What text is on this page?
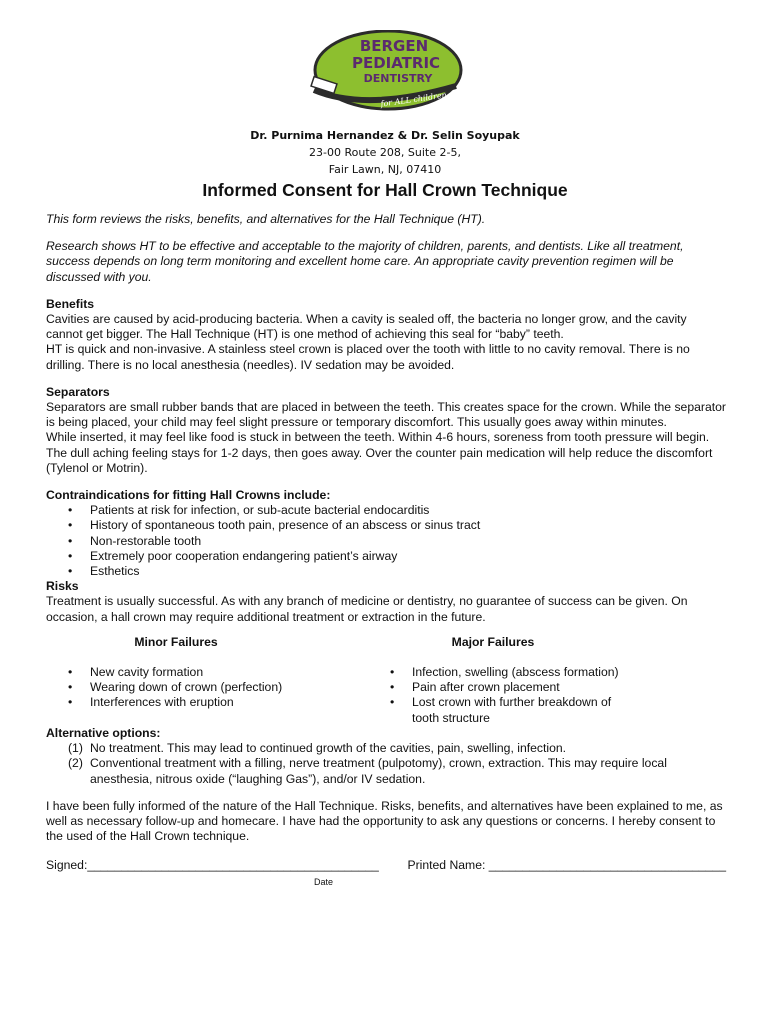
BERGEN
PEDIATRIC
DENTISTRY
for ALL children
Dr. Purnima Hernandez & Dr. Selin Soyupak
23-00 Route 208, Suite 2-5,
Fair Lawn, NJ, 07410
Informed Consent for Hall Crown Technique

This form reviews the risks, benefits, and alternatives for the Hall Technique (HT).

Research shows HT to be effective and acceptable to the majority of children, parents, and dentists. Like all treatment, success depends on long term monitoring and excellent home care. An appropriate cavity prevention regimen will be discussed with you.

Benefits

Cavities are caused by acid-producing bacteria. When a cavity is sealed off, the bacteria no longer grow, and the cavity cannot get bigger. The Hall Technique (HT) is one method of achieving this seal for “baby” teeth.

HT is quick and non-invasive. A stainless steel crown is placed over the tooth with little to no cavity removal. There is no drilling. There is no local anesthesia (needles). IV sedation may be avoided.

Separators

Separators are small rubber bands that are placed in between the teeth. This creates space for the crown. While the separator is being placed, your child may feel slight pressure or temporary discomfort. This usually goes away within minutes.

While inserted, it may feel like food is stuck in between the teeth. Within 4-6 hours, soreness from tooth pressure will begin. The dull aching feeling stays for 1-2 days, then goes away. Over the counter pain medication will help reduce the discomfort (Tylenol or Motrin).

Contraindications for fitting Hall Crowns include:

• Patients at risk for infection, or sub-acute bacterial endocarditis
• History of spontaneous tooth pain, presence of an abscess or sinus tract
• Non-restorable tooth
• Extremely poor cooperation endangering patient’s airway
• Esthetics

Risks

Treatment is usually successful. As with any branch of medicine or dentistry, no guarantee of success can be given. On occasion, a hall crown may require additional treatment or extraction in the future.

Minor Failures
• New cavity formation
• Wearing down of crown (perfection)
• Interferences with eruption
Major Failures
• Infection, swelling (abscess formation)
• Pain after crown placement
• Lost crown with further breakdown of tooth structure

Alternative options:

(1) No treatment. This may lead to continued growth of the cavities, pain, swelling, infection.
(2) Conventional treatment with a filling, nerve treatment (pulpotomy), crown, extraction. This may require local anesthesia, nitrous oxide (“laughing Gas”), and/or IV sedation.

I have been fully informed of the nature of the Hall Technique. Risks, benefits, and alternatives have been explained to me, as well as necessary follow-up and homecare. I have had the opportunity to ask any questions or concerns. I hereby consent to the used of the Hall Crown technique.

Signed:___________________________________________ Printed Name: ___________________________________
Date
